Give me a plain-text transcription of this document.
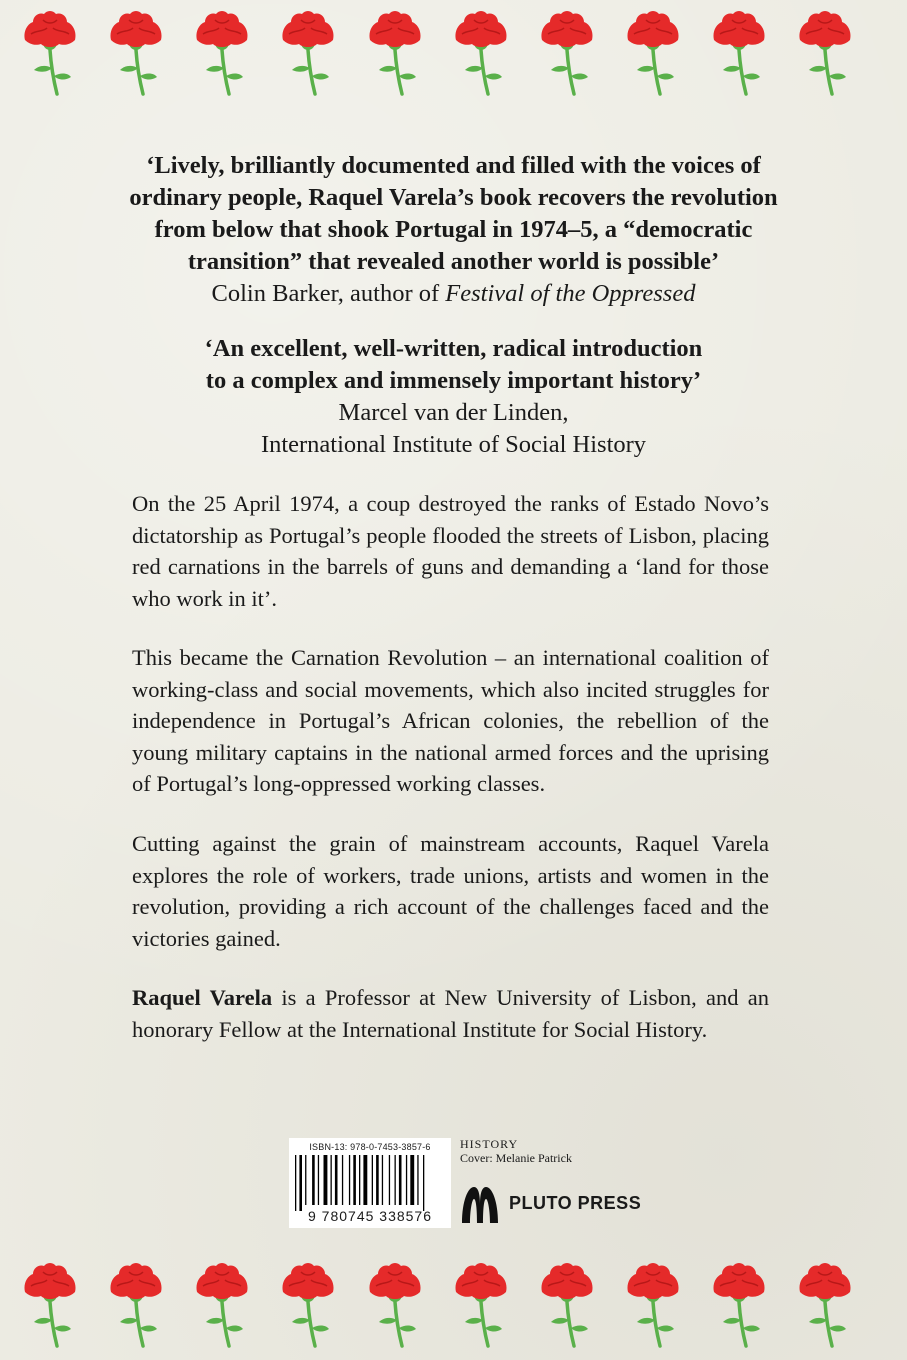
‘Lively, brilliantly documented and filled with the voices of
ordinary people, Raquel Varela’s book recovers the revolution
from below that shook Portugal in 1974–5, a “democratic
transition” that revealed another world is possible’
Colin Barker, author of Festival of the Oppressed
‘An excellent, well-written, radical introduction
to a complex and immensely important history’
Marcel van der Linden,
International Institute of Social History

On the 25 April 1974, a coup destroyed the ranks of Estado Novo’s dictatorship as Portugal’s people flooded the streets of Lisbon, placing red carnations in the barrels of guns and demanding a ‘land for those who work in it’.

This became the Carnation Revolution – an international coalition of working-class and social movements, which also incited struggles for independence in Portugal’s African colonies, the rebellion of the young military captains in the national armed forces and the uprising of Portugal’s long-oppressed working classes.

Cutting against the grain of mainstream accounts, Raquel Varela explores the role of workers, trade unions, artists and women in the revolution, providing a rich account of the challenges faced and the victories gained.

Raquel Varela is a Professor at New University of Lisbon, and an honorary Fellow at the International Institute for Social History.

ISBN-13: 978-0-7453-3857-6
9 780745 338576
HISTORY
Cover: Melanie Patrick
PLUTO PRESS
